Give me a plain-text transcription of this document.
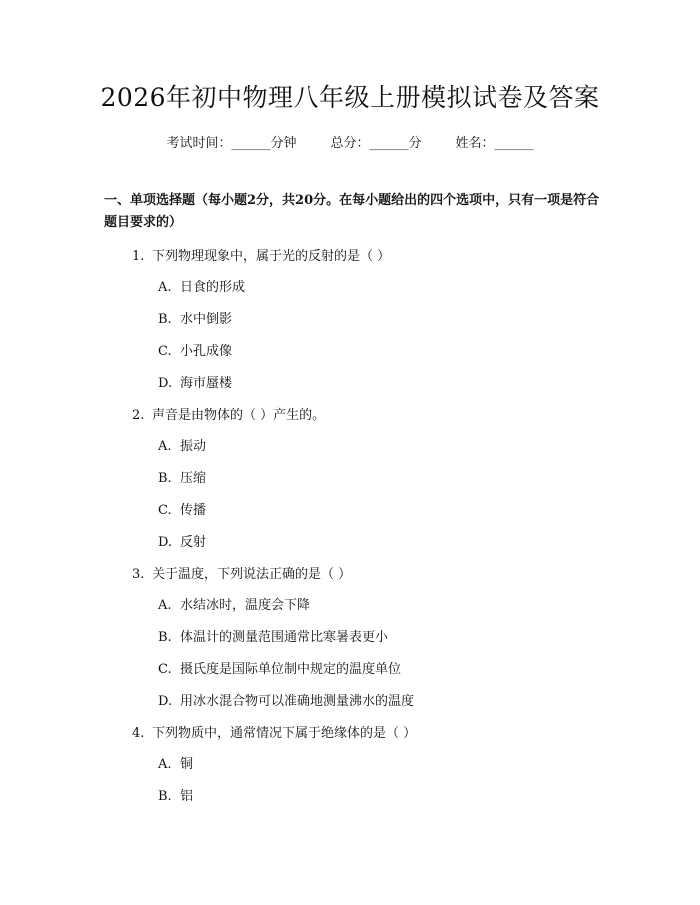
2026年初中物理八年级上册模拟试卷及答案
考试时间：______分钟	总分：______分	姓名：______
一、单项选择题（每小题2分，共20分。在每小题给出的四个选项中，只有一项是符合题目要求的）
1. 下列物理现象中，属于光的反射的是（ ）
A. 日食的形成
B. 水中倒影
C. 小孔成像
D. 海市蜃楼
2. 声音是由物体的（ ）产生的。
A. 振动
B. 压缩
C. 传播
D. 反射
3. 关于温度，下列说法正确的是（ ）
A. 水结冰时，温度会下降
B. 体温计的测量范围通常比寒暑表更小
C. 摄氏度是国际单位制中规定的温度单位
D. 用冰水混合物可以准确地测量沸水的温度
4. 下列物质中，通常情况下属于绝缘体的是（ ）
A. 铜
B. 铝
